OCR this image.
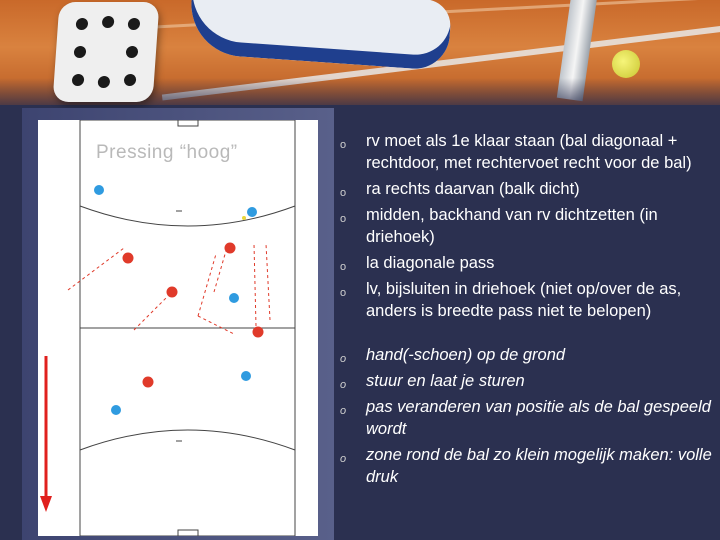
Pressing “hoog”	o rv moet als 1e klaar staan (bal diagonaal + rechtdoor, met rechtervoet recht voor de bal)
o ra rechts daarvan (balk dicht)
o midden, backhand van rv dichtzetten (in driehoek)
o la diagonale pass
o lv, bijsluiten in driehoek (niet op/over de as, anders is breedte pass niet te belopen)
o hand(-schoen) op de grond
o stuur en laat je sturen
o pas veranderen van positie als de bal gespeeld wordt
o zone rond de bal zo klein mogelijk maken: volle druk
